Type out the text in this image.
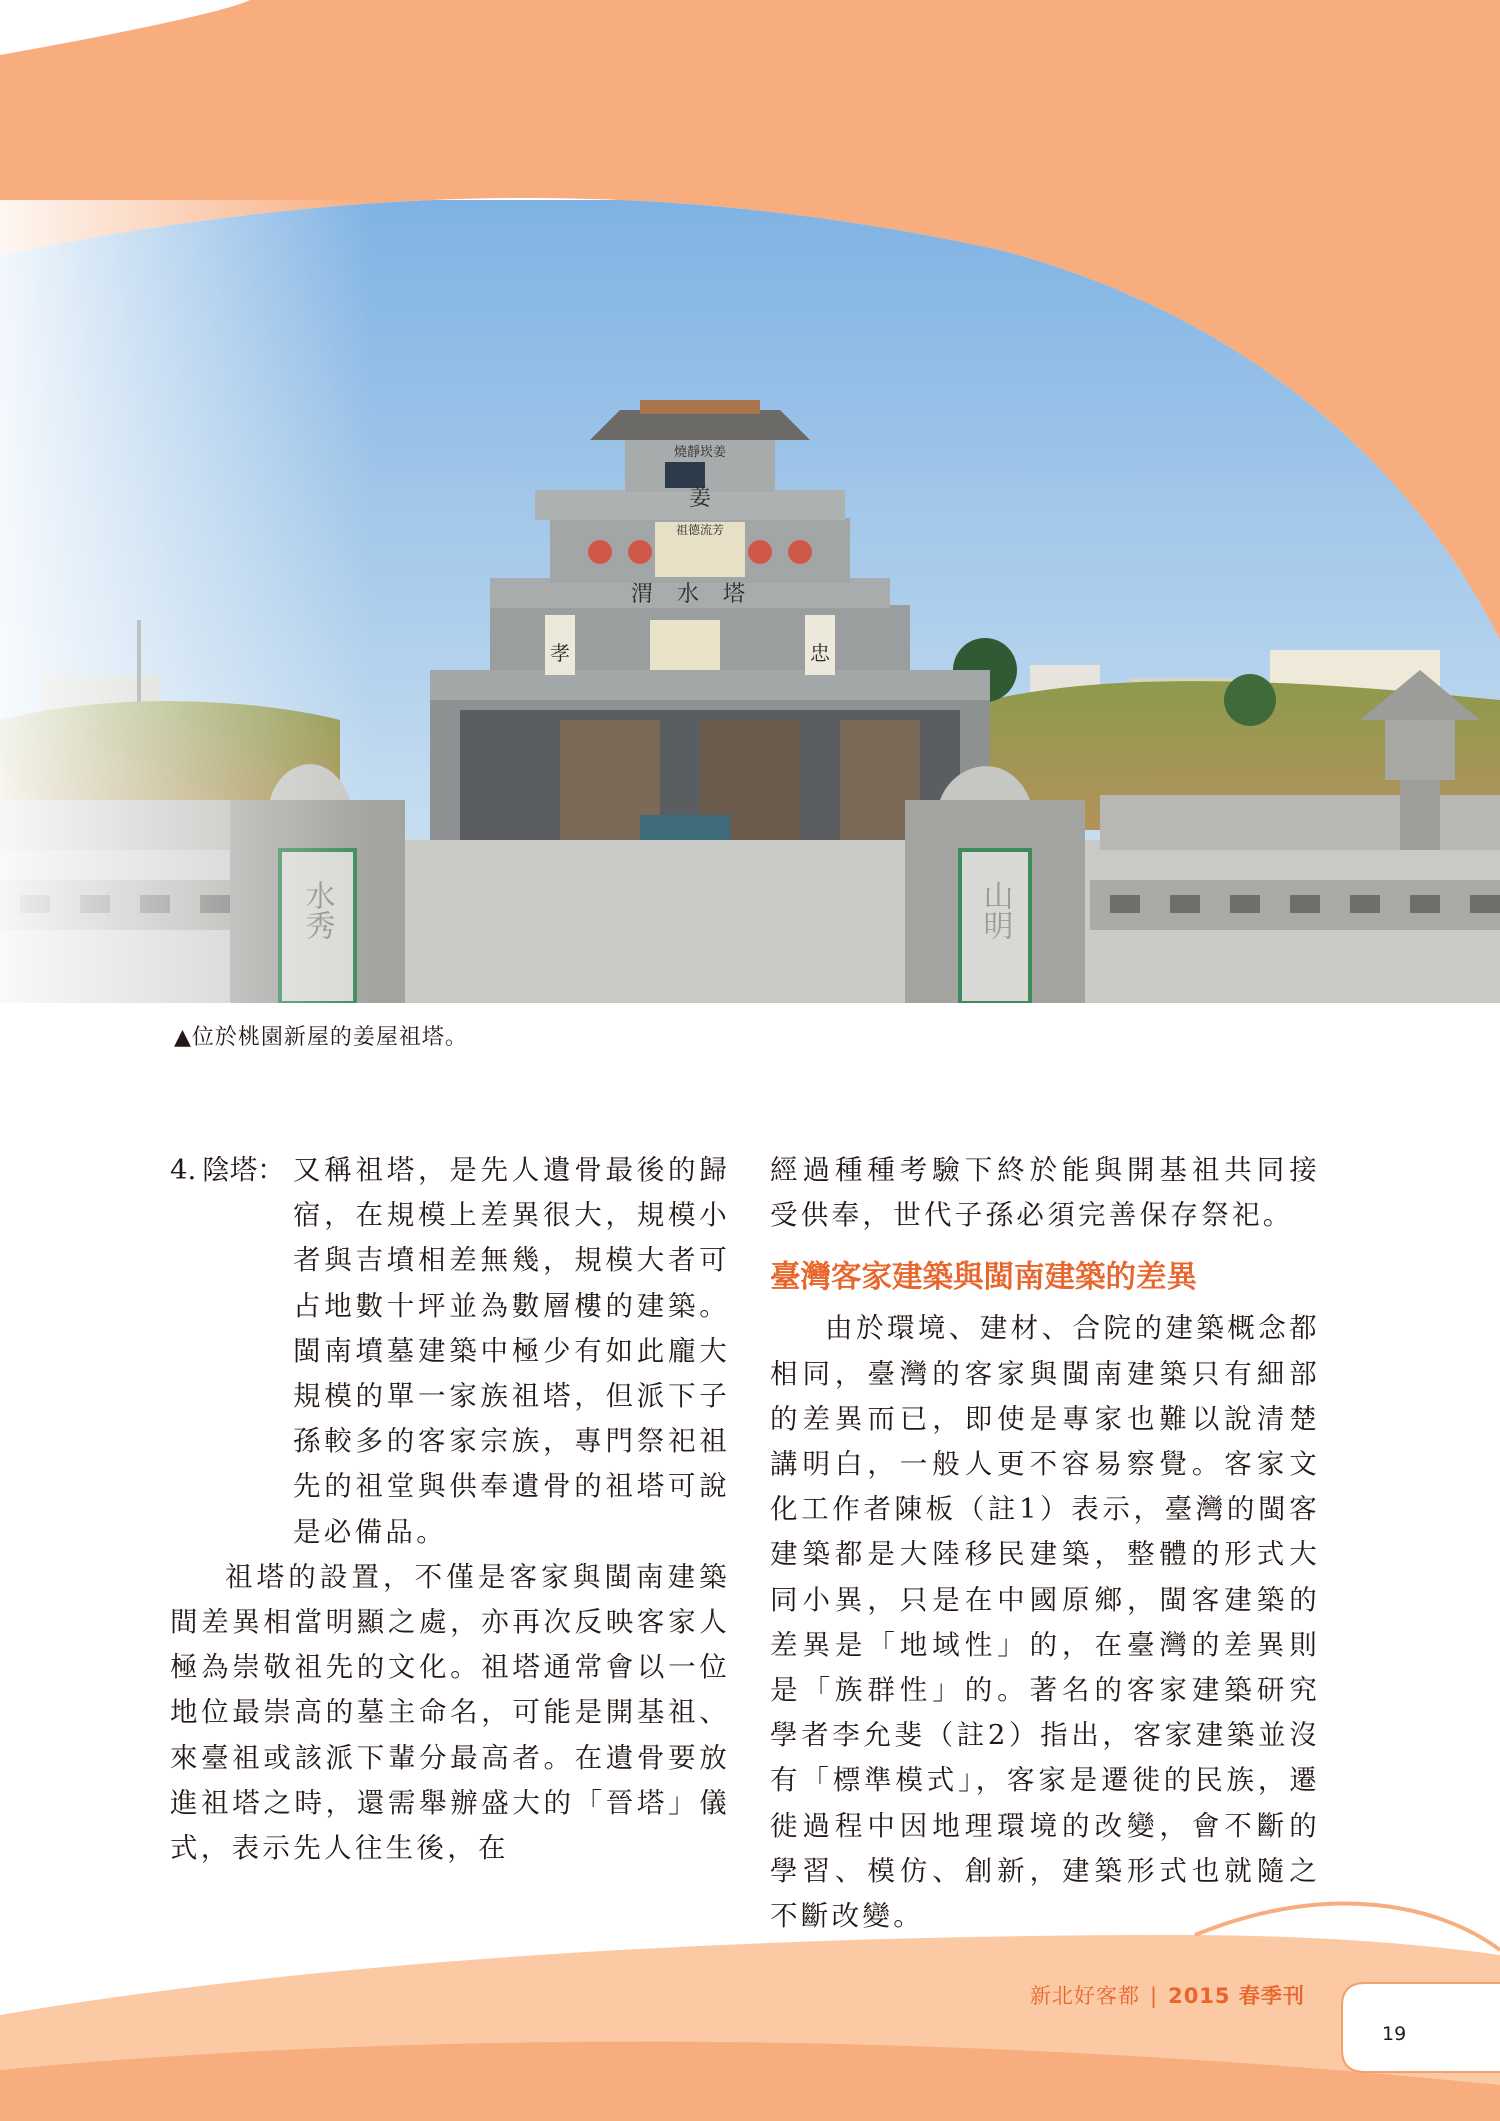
燒靜崁姜
姜
祖德流芳
渭水塔
孝	忠
水秀	山明
▲位於桃園新屋的姜屋祖塔。
4. 陰塔： 又稱祖塔，是先人遺骨最後的歸宿，在規模上差異很大，規模小者與吉墳相差無幾，規模大者可占地數十坪並為數層樓的建築。閩南墳墓建築中極少有如此龐大規模的單一家族祖塔，但派下子孫較多的客家宗族，專門祭祀祖先的祖堂與供奉遺骨的祖塔可說是必備品。
祖塔的設置，不僅是客家與閩南建築間差異相當明顯之處，亦再次反映客家人極為崇敬祖先的文化。祖塔通常會以一位地位最崇高的墓主命名，可能是開基祖、來臺祖或該派下輩分最高者。在遺骨要放進祖塔之時，還需舉辦盛大的「晉塔」儀式，表示先人往生後，在
經過種種考驗下終於能與開基祖共同接受供奉，世代子孫必須完善保存祭祀。
臺灣客家建築與閩南建築的差異
由於環境、建材、合院的建築概念都相同，臺灣的客家與閩南建築只有細部的差異而已，即使是專家也難以說清楚講明白，一般人更不容易察覺。客家文化工作者陳板（註1）表示，臺灣的閩客建築都是大陸移民建築，整體的形式大同小異，只是在中國原鄉，閩客建築的差異是「地域性」的，在臺灣的差異則是「族群性」的。著名的客家建築研究學者李允斐（註2）指出，客家建築並沒有「標準模式」，客家是遷徙的民族，遷徙過程中因地理環境的改變，會不斷的學習、模仿、創新，建築形式也就隨之不斷改變。
新北好客都 | 2015 春季刊
19
